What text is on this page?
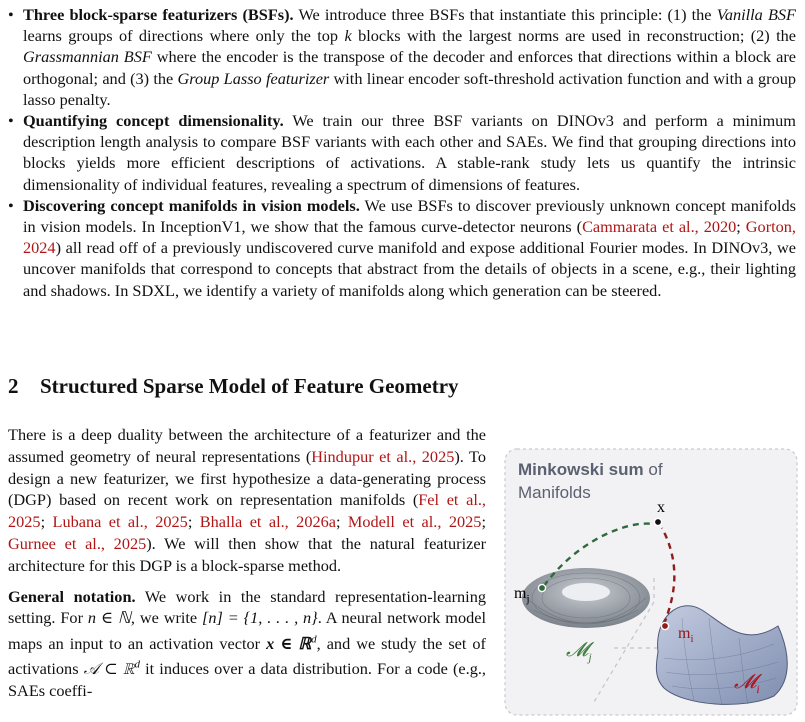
• Three block-sparse featurizers (BSFs). We introduce three BSFs that instantiate this principle: (1) the Vanilla BSF learns groups of directions where only the top k blocks with the largest norms are used in reconstruction; (2) the Grassmannian BSF where the encoder is the transpose of the decoder and enforces that directions within a block are orthogonal; and (3) the Group Lasso featurizer with linear encoder soft-threshold activation function and with a group lasso penalty.

• Quantifying concept dimensionality. We train our three BSF variants on DINOv3 and perform a minimum description length analysis to compare BSF variants with each other and SAEs. We find that grouping directions into blocks yields more efficient descriptions of activations. A stable-rank study lets us quantify the intrinsic dimensionality of individual features, revealing a spectrum of dimensions of features.

• Discovering concept manifolds in vision models. We use BSFs to discover previously unknown concept manifolds in vision models. In InceptionV1, we show that the famous curve-detector neurons (Cammarata et al., 2020; Gorton, 2024) all read off of a previously undiscovered curve manifold and expose additional Fourier modes. In DINOv3, we uncover manifolds that correspond to concepts that abstract from the details of objects in a scene, e.g., their lighting and shadows. In SDXL, we identify a variety of manifolds along which generation can be steered.

2 Structured Sparse Model of Feature Geometry

There is a deep duality between the architecture of a featurizer and the assumed geometry of neural representations (Hindupur et al., 2025). To design a new featurizer, we first hypothesize a data-generating process (DGP) based on recent work on representation manifolds (Fel et al., 2025; Lubana et al., 2025; Bhalla et al., 2026a; Modell et al., 2025; Gurnee et al., 2025). We will then show that the natural featurizer architecture for this DGP is a block-sparse method.

General notation. We work in the standard representation-learning setting. For n ∈ ℕ, we write [n] = {1, . . . , n}. A neural network model maps an input to an activation vector x ∈ ℝ$^d$, and we study the set of activations 𝒜 ⊂ ℝ$^d$ it induces over a data distribution. For a code (e.g., SAEs coeffi-

Minkowski sum of
Manifolds
x
$m_j$
$m_i$
𝓜$_j$
𝓜$_i$
